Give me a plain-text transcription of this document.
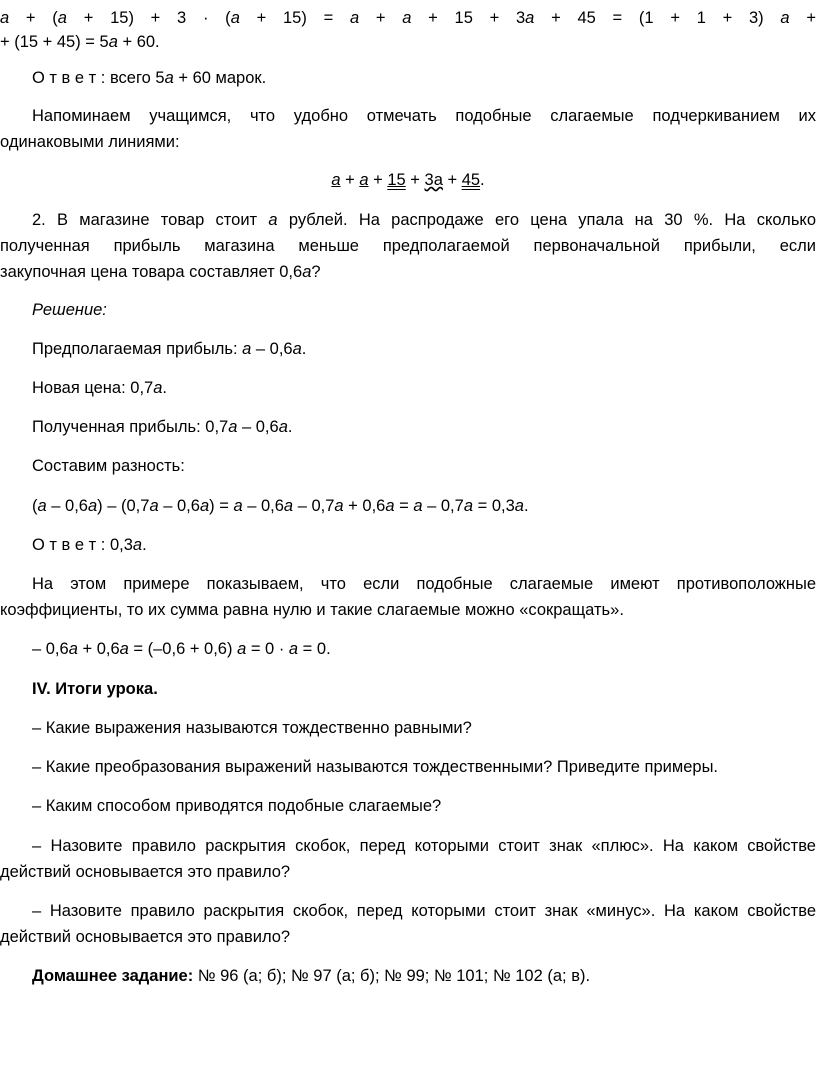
a + (a + 15) + 3 · (a + 15) = a + a + 15 + 3a + 45 = (1 + 1 + 3) a +
+ (15 + 45) = 5a + 60.
О т в е т : всего 5a + 60 марок.
Напоминаем учащимся, что удобно отмечать подобные слагаемые подчеркиванием их
одинаковыми линиями:
a + a + 15 + 3a + 45.
2. В магазине товар стоит a рублей. На распродаже его цена упала на 30 %. На сколько
полученная прибыль магазина меньше предполагаемой первоначальной прибыли, если
закупочная цена товара составляет 0,6a?
Решение:
Предполагаемая прибыль: a – 0,6a.
Новая цена: 0,7a.
Полученная прибыль: 0,7a – 0,6a.
Составим разность:
(a – 0,6a) – (0,7a – 0,6a) = a – 0,6a – 0,7a + 0,6a = a – 0,7a = 0,3a.
О т в е т : 0,3a.
На этом примере показываем, что если подобные слагаемые имеют противоположные
коэффициенты, то их сумма равна нулю и такие слагаемые можно «сокращать».
– 0,6a + 0,6a = (–0,6 + 0,6) a = 0 · a = 0.
IV. Итоги урока.
– Какие выражения называются тождественно равными?
– Какие преобразования выражений называются тождественными? Приведите примеры.
– Каким способом приводятся подобные слагаемые?
– Назовите правило раскрытия скобок, перед которыми стоит знак «плюс». На каком свойстве
действий основывается это правило?
– Назовите правило раскрытия скобок, перед которыми стоит знак «минус». На каком свойстве
действий основывается это правило?
Домашнее задание: № 96 (а; б); № 97 (а; б); № 99; № 101; № 102 (а; в).
